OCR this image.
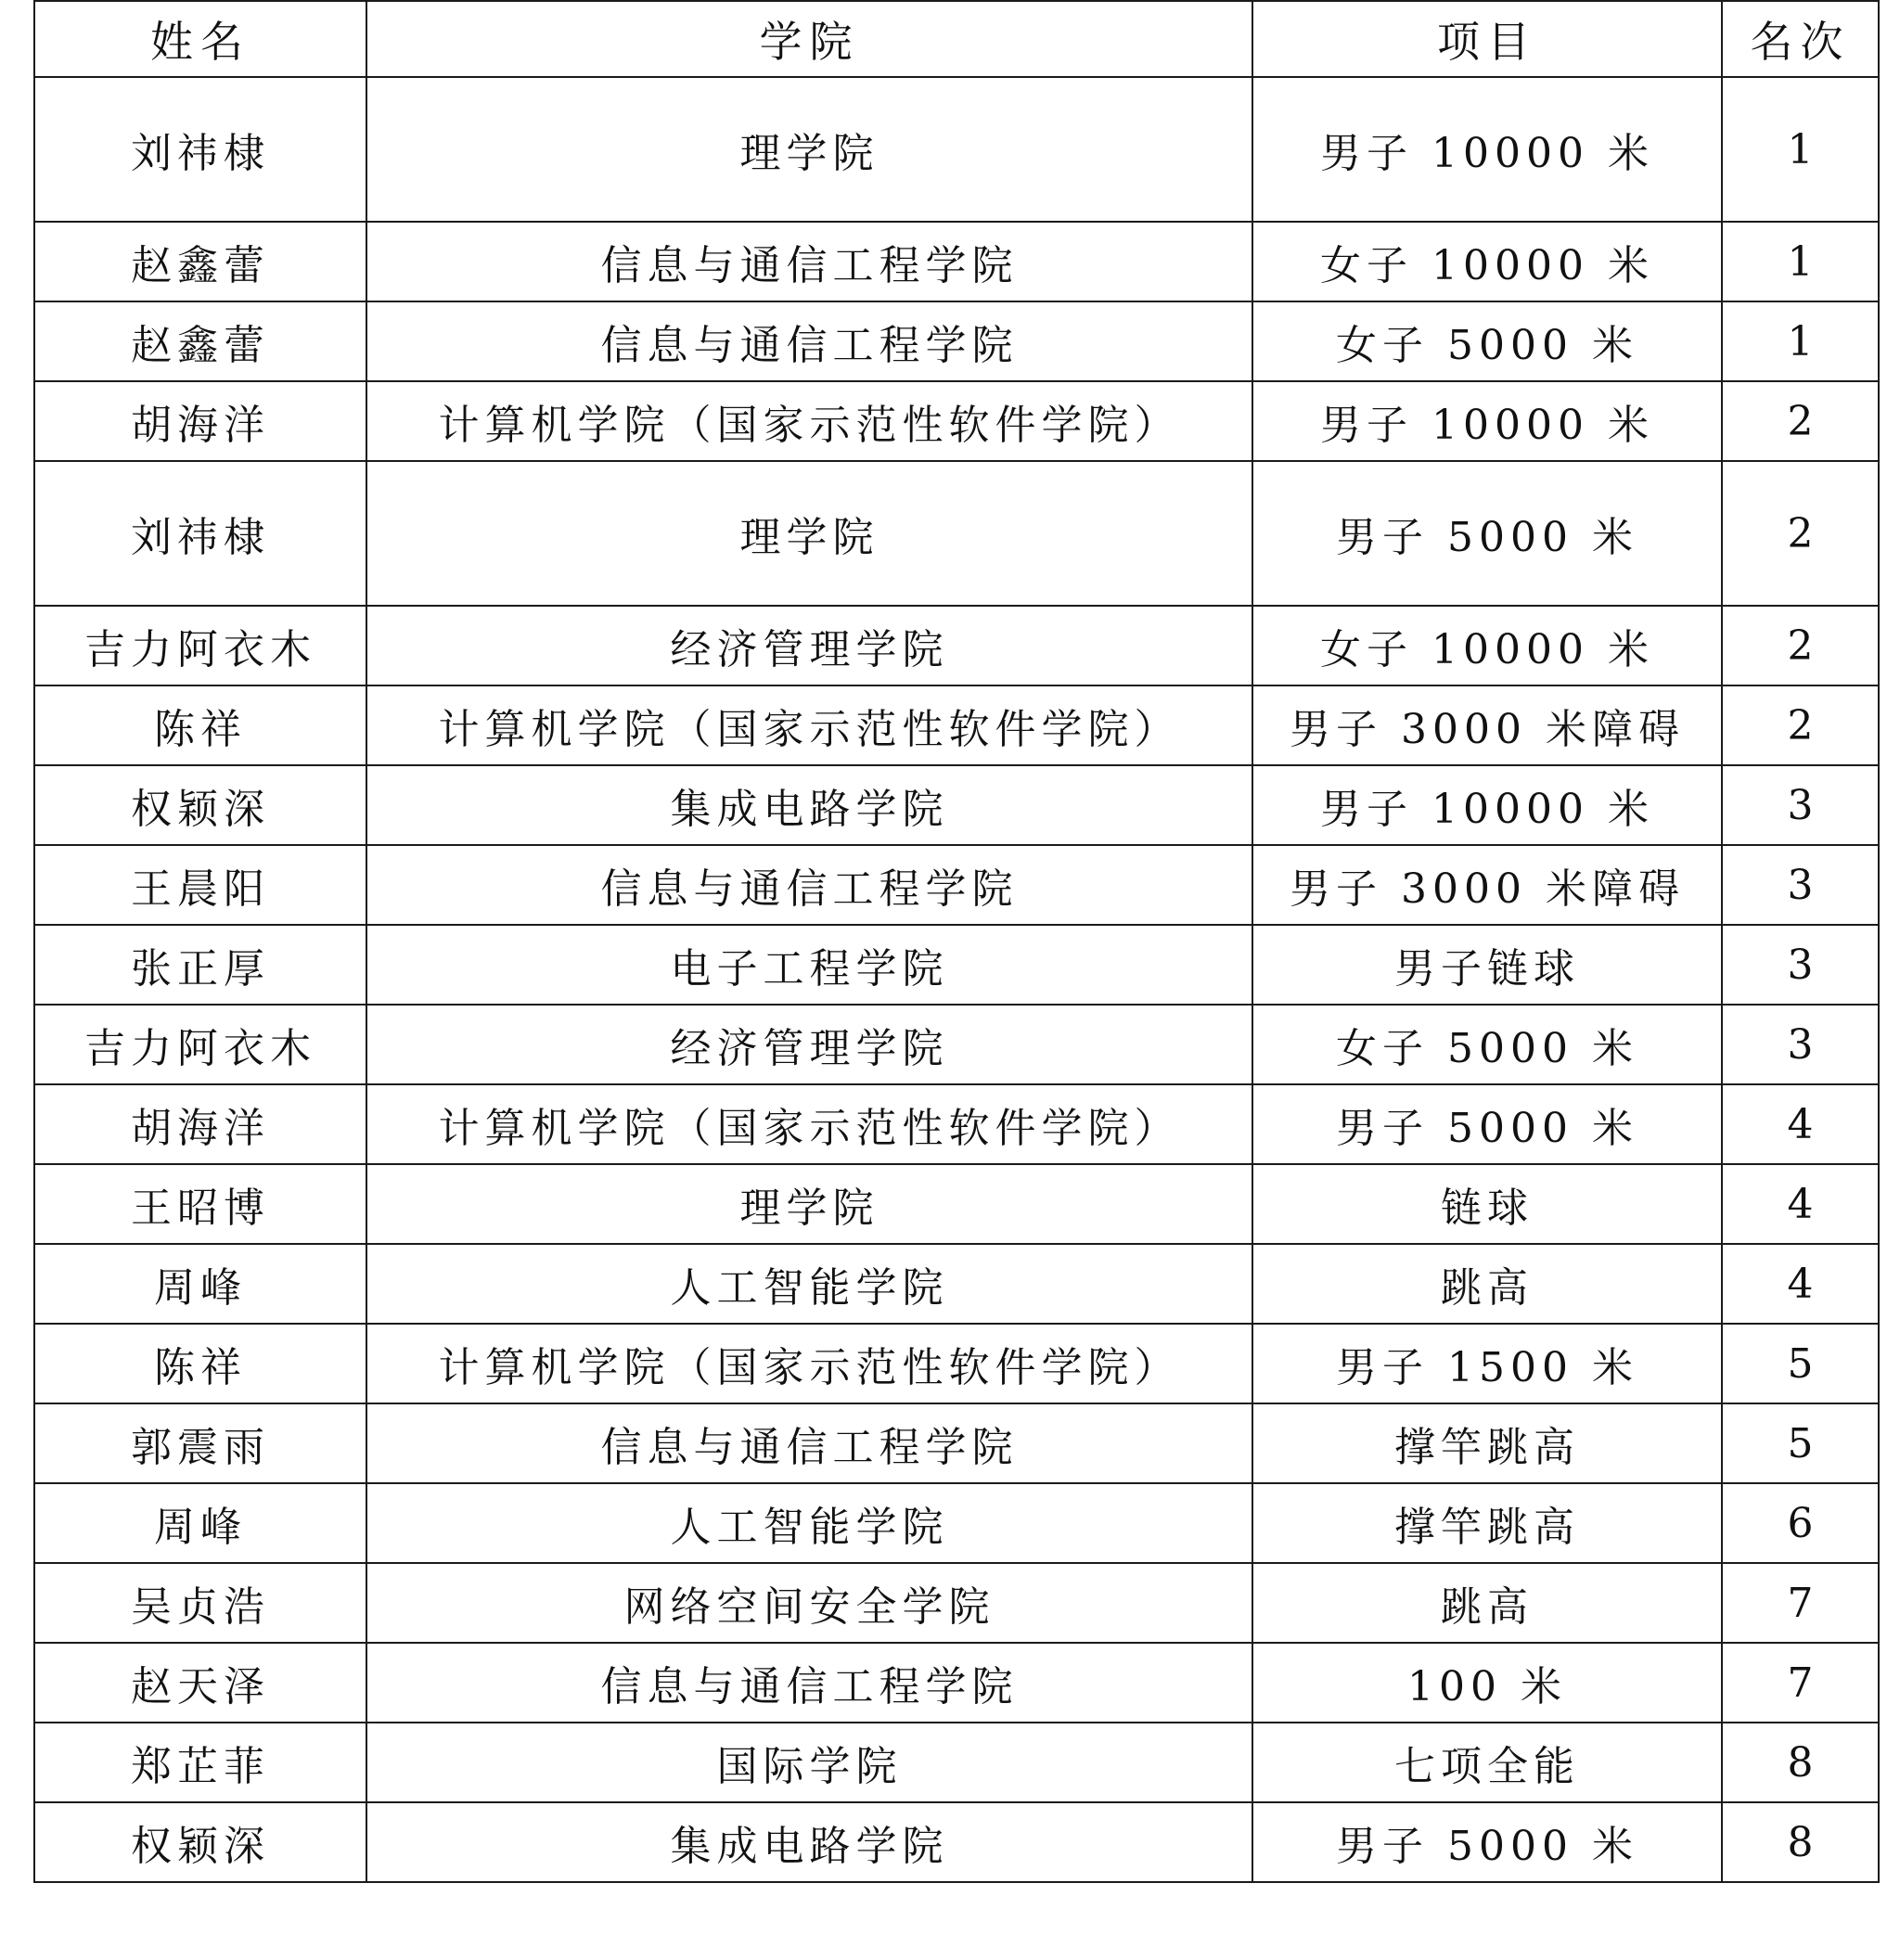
姓名	学院	项目	名次
刘祎棣	理学院	男子 10000 米	1
赵鑫蕾	信息与通信工程学院	女子 10000 米	1
赵鑫蕾	信息与通信工程学院	女子 5000 米	1
胡海洋	计算机学院（国家示范性软件学院）	男子 10000 米	2
刘祎棣	理学院	男子 5000 米	2
吉力阿衣木	经济管理学院	女子 10000 米	2
陈祥	计算机学院（国家示范性软件学院）	男子 3000 米障碍	2
权颖深	集成电路学院	男子 10000 米	3
王晨阳	信息与通信工程学院	男子 3000 米障碍	3
张正厚	电子工程学院	男子链球	3
吉力阿衣木	经济管理学院	女子 5000 米	3
胡海洋	计算机学院（国家示范性软件学院）	男子 5000 米	4
王昭博	理学院	链球	4
周峰	人工智能学院	跳高	4
陈祥	计算机学院（国家示范性软件学院）	男子 1500 米	5
郭震雨	信息与通信工程学院	撑竿跳高	5
周峰	人工智能学院	撑竿跳高	6
吴贞浩	网络空间安全学院	跳高	7
赵天泽	信息与通信工程学院	100 米	7
郑芷菲	国际学院	七项全能	8
权颖深	集成电路学院	男子 5000 米	8
